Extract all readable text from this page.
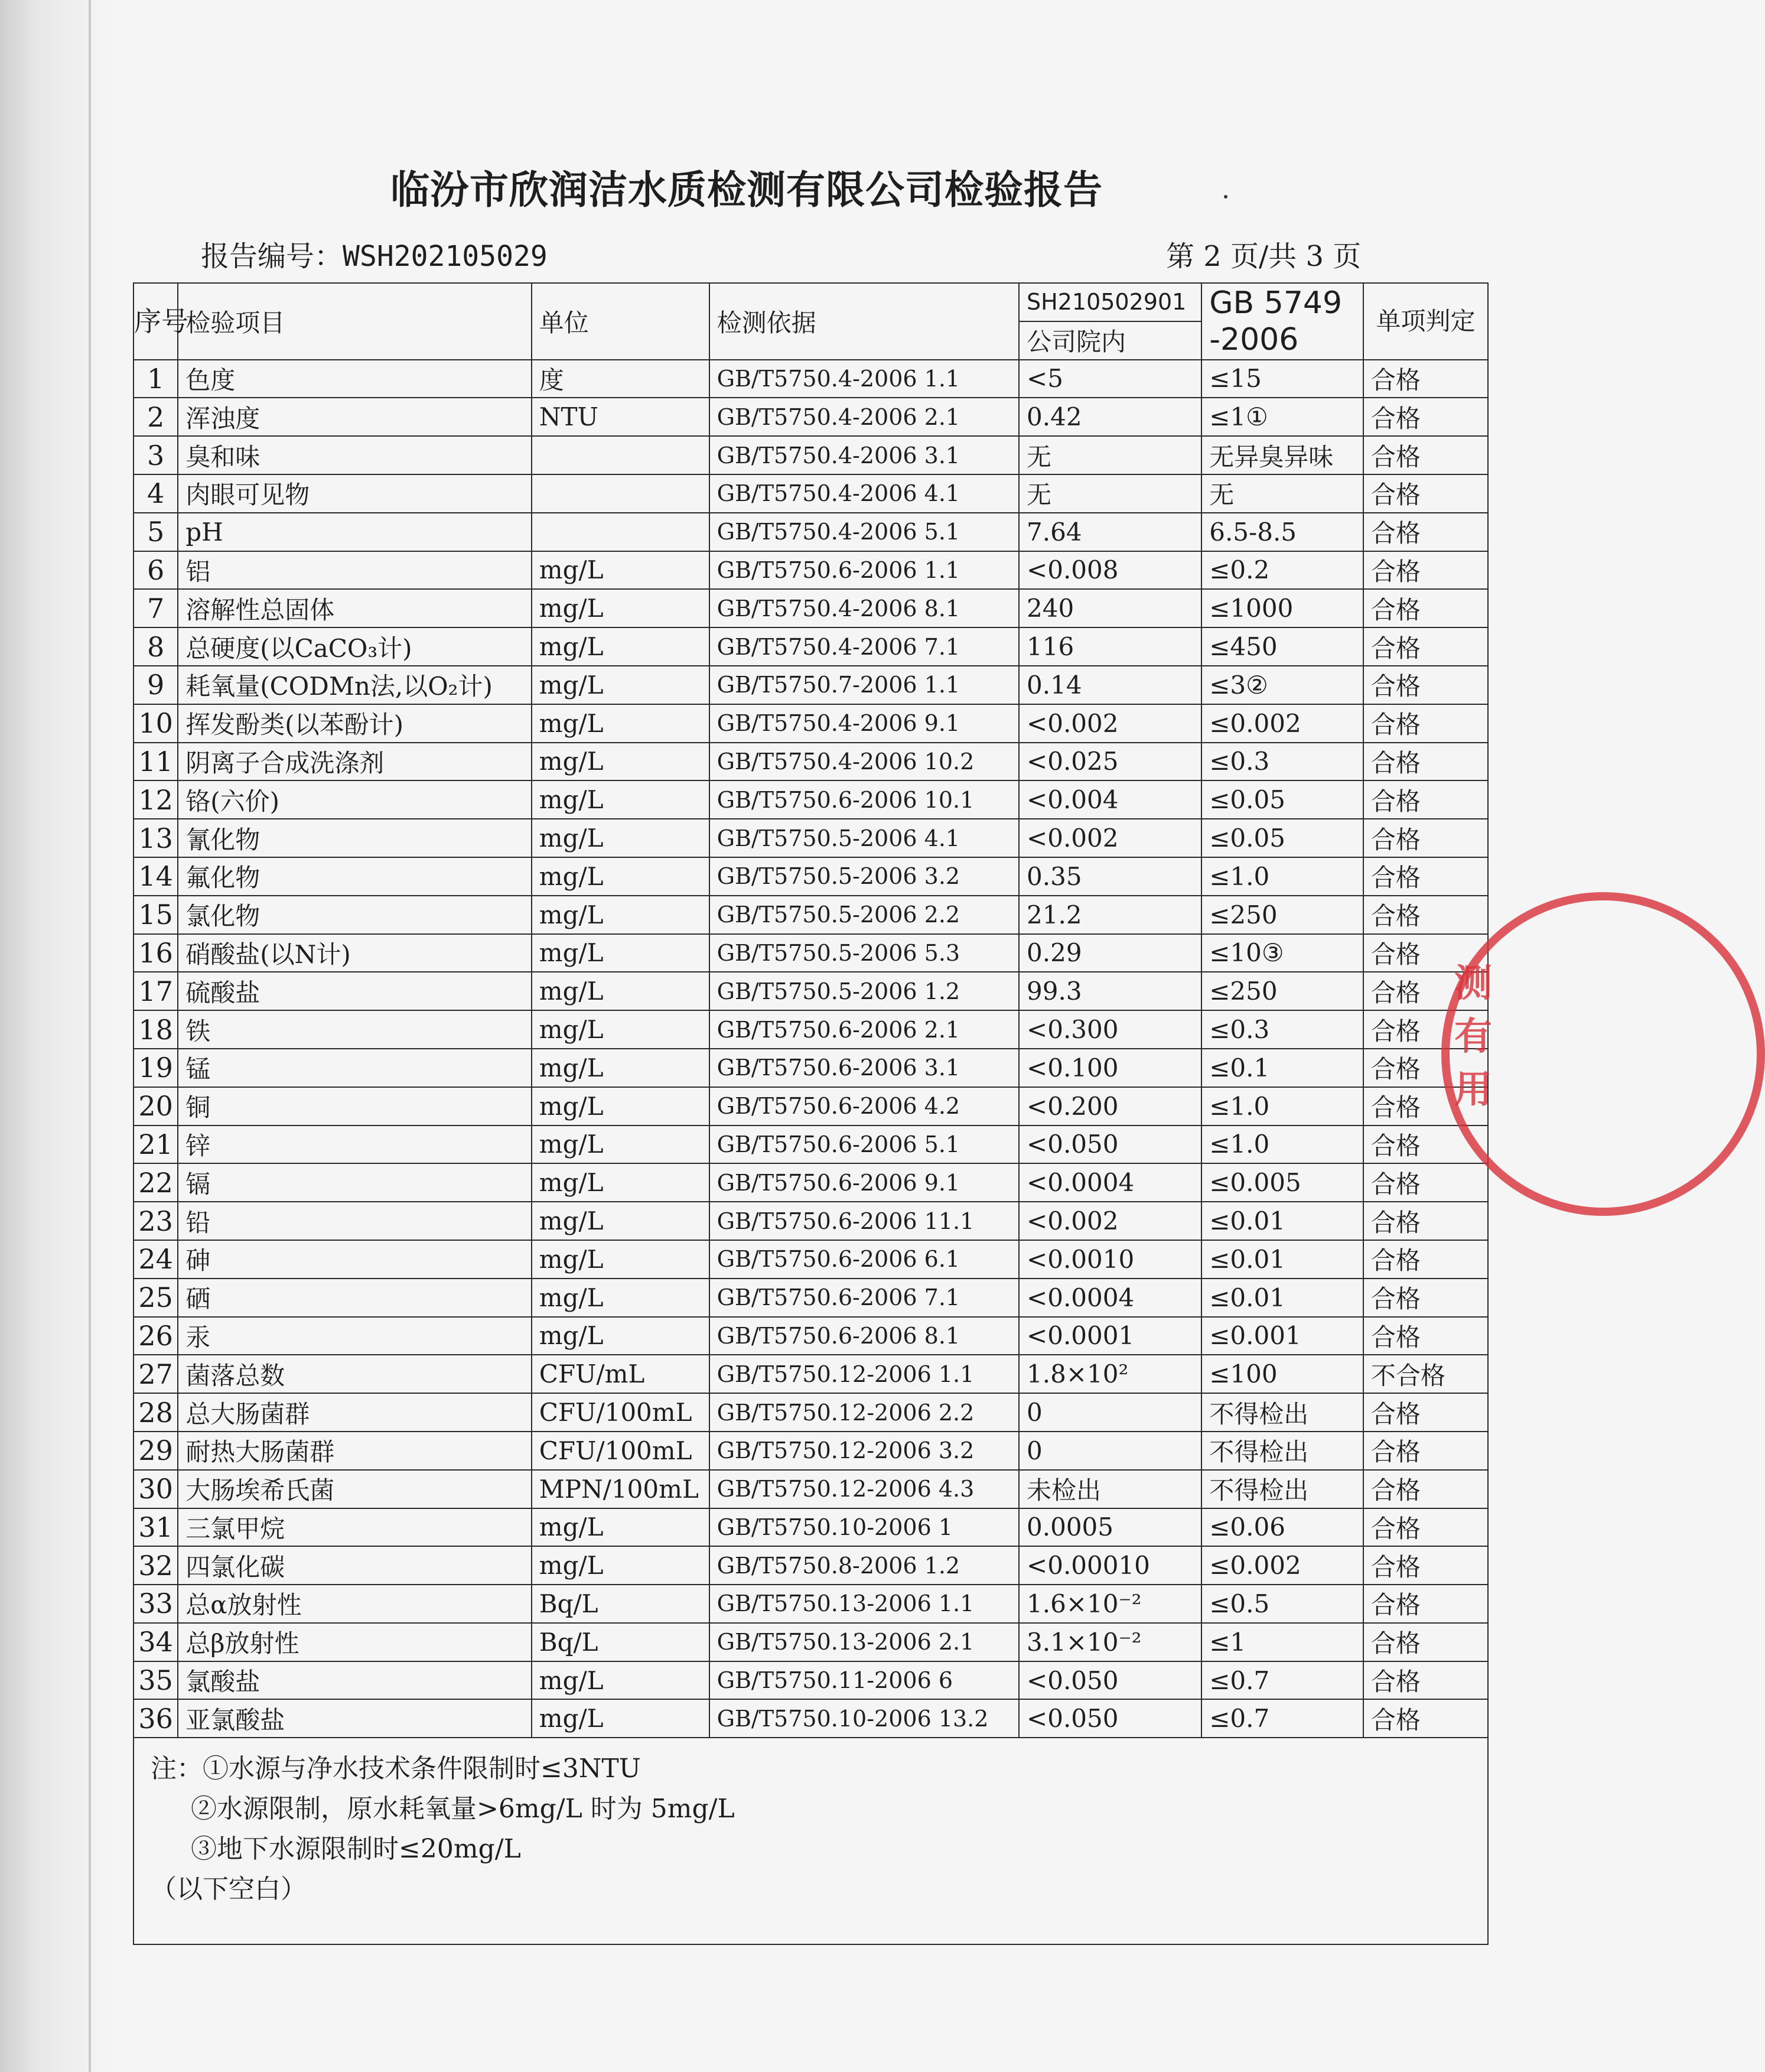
临汾市欣润洁水质检测有限公司检验报告
报告编号：WSH202105029	第 2 页/共 3 页
序号	检验项目	单位	检测依据	SH210502901	GB 5749 -2006	单项判定
				公司院内		
1	色度	度	GB/T5750.4-2006 1.1	<5	≤15	合格
2	浑浊度	NTU	GB/T5750.4-2006 2.1	0.42	≤1①	合格
3	臭和味		GB/T5750.4-2006 3.1	无	无异臭异味	合格
4	肉眼可见物		GB/T5750.4-2006 4.1	无	无	合格
5	pH		GB/T5750.4-2006 5.1	7.64	6.5-8.5	合格
6	铝	mg/L	GB/T5750.6-2006 1.1	<0.008	≤0.2	合格
7	溶解性总固体	mg/L	GB/T5750.4-2006 8.1	240	≤1000	合格
8	总硬度(以CaCO₃计)	mg/L	GB/T5750.4-2006 7.1	116	≤450	合格
9	耗氧量(CODMn法,以O₂计)	mg/L	GB/T5750.7-2006 1.1	0.14	≤3②	合格
10	挥发酚类(以苯酚计)	mg/L	GB/T5750.4-2006 9.1	<0.002	≤0.002	合格
11	阴离子合成洗涤剂	mg/L	GB/T5750.4-2006 10.2	<0.025	≤0.3	合格
12	铬(六价)	mg/L	GB/T5750.6-2006 10.1	<0.004	≤0.05	合格
13	氰化物	mg/L	GB/T5750.5-2006 4.1	<0.002	≤0.05	合格
14	氟化物	mg/L	GB/T5750.5-2006 3.2	0.35	≤1.0	合格
15	氯化物	mg/L	GB/T5750.5-2006 2.2	21.2	≤250	合格
16	硝酸盐(以N计)	mg/L	GB/T5750.5-2006 5.3	0.29	≤10③	合格
17	硫酸盐	mg/L	GB/T5750.5-2006 1.2	99.3	≤250	合格
18	铁	mg/L	GB/T5750.6-2006 2.1	<0.300	≤0.3	合格
19	锰	mg/L	GB/T5750.6-2006 3.1	<0.100	≤0.1	合格
20	铜	mg/L	GB/T5750.6-2006 4.2	<0.200	≤1.0	合格
21	锌	mg/L	GB/T5750.6-2006 5.1	<0.050	≤1.0	合格
22	镉	mg/L	GB/T5750.6-2006 9.1	<0.0004	≤0.005	合格
23	铅	mg/L	GB/T5750.6-2006 11.1	<0.002	≤0.01	合格
24	砷	mg/L	GB/T5750.6-2006 6.1	<0.0010	≤0.01	合格
25	硒	mg/L	GB/T5750.6-2006 7.1	<0.0004	≤0.01	合格
26	汞	mg/L	GB/T5750.6-2006 8.1	<0.0001	≤0.001	合格
27	菌落总数	CFU/mL	GB/T5750.12-2006 1.1	1.8×10²	≤100	不合格
28	总大肠菌群	CFU/100mL	GB/T5750.12-2006 2.2	0	不得检出	合格
29	耐热大肠菌群	CFU/100mL	GB/T5750.12-2006 3.2	0	不得检出	合格
30	大肠埃希氏菌	MPN/100mL	GB/T5750.12-2006 4.3	未检出	不得检出	合格
31	三氯甲烷	mg/L	GB/T5750.10-2006 1	0.0005	≤0.06	合格
32	四氯化碳	mg/L	GB/T5750.8-2006 1.2	<0.00010	≤0.002	合格
33	总α放射性	Bq/L	GB/T5750.13-2006 1.1	1.6×10⁻²	≤0.5	合格
34	总β放射性	Bq/L	GB/T5750.13-2006 2.1	3.1×10⁻²	≤1	合格
35	氯酸盐	mg/L	GB/T5750.11-2006 6	<0.050	≤0.7	合格
36	亚氯酸盐	mg/L	GB/T5750.10-2006 13.2	<0.050	≤0.7	合格

注：①水源与净水技术条件限制时≤3NTU
②水源限制，原水耗氧量>6mg/L 时为 5mg/L
③地下水源限制时≤20mg/L
（以下空白）						
测有用
